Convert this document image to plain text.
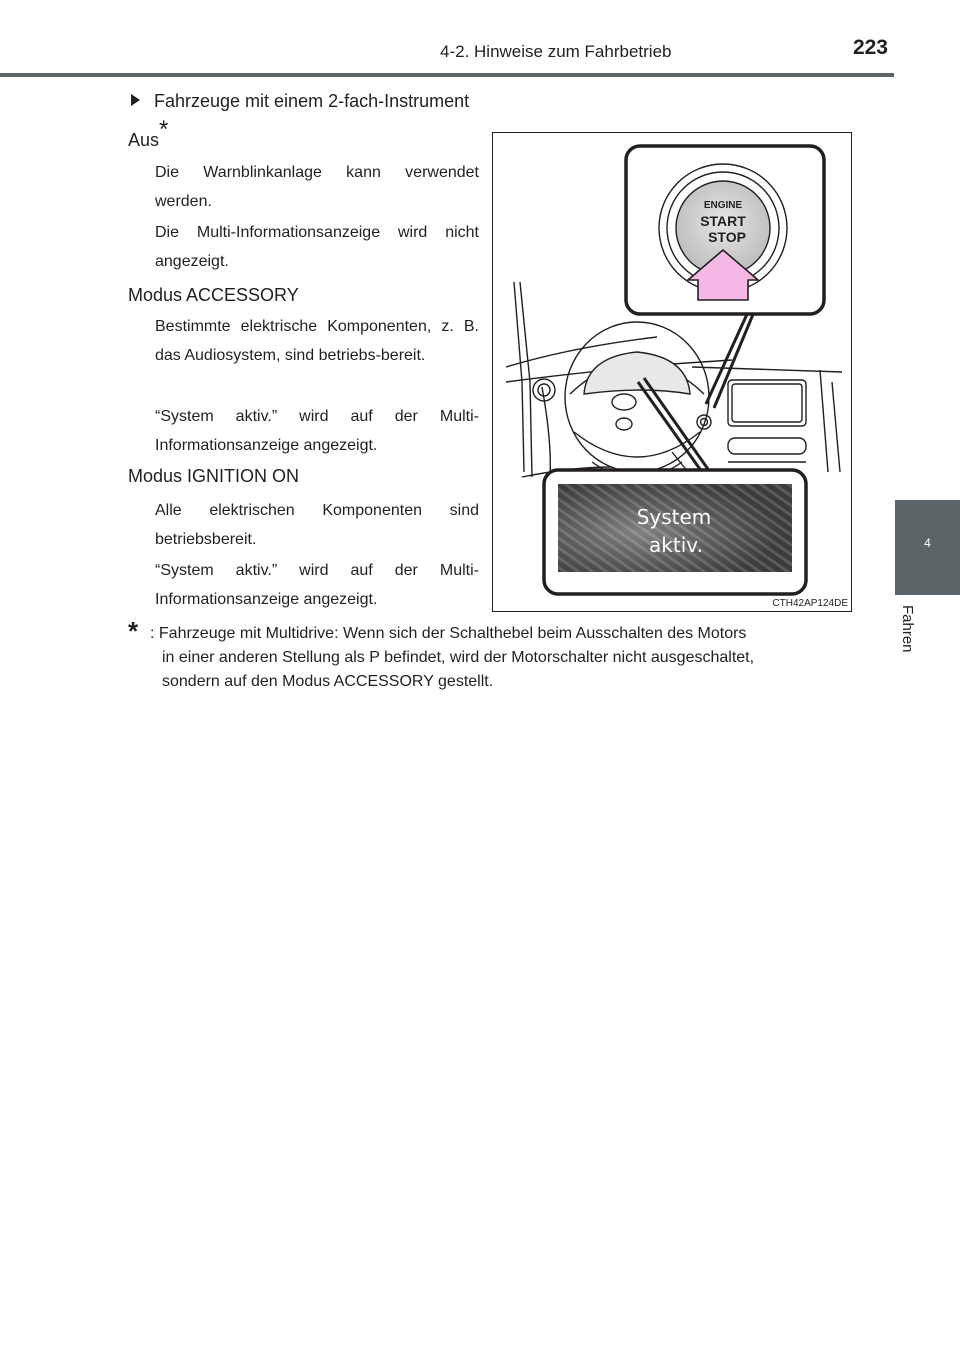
4-2. Hinweise zum Fahrbetrieb	223
4
Fahren
Fahrzeuge mit einem 2-fach-Instrument
Aus*
Die Warnblinkanlage kann verwendet werden.
Die Multi-Informationsanzeige wird nicht angezeigt.
Modus ACCESSORY
Bestimmte elektrische Komponenten, z. B. das Audiosystem, sind betriebs-bereit.
“System aktiv.” wird auf der Multi-Informationsanzeige angezeigt.
Modus IGNITION ON
Alle elektrischen Komponenten sind betriebsbereit.
“System aktiv.” wird auf der Multi-Informationsanzeige angezeigt.
* : Fahrzeuge mit Multidrive: Wenn sich der Schalthebel beim Ausschalten des Motors
in einer anderen Stellung als P befindet, wird der Motorschalter nicht ausgeschaltet,
sondern auf den Modus ACCESSORY gestellt.
ENGINE
START
STOP
System
aktiv.
CTH42AP124DE
